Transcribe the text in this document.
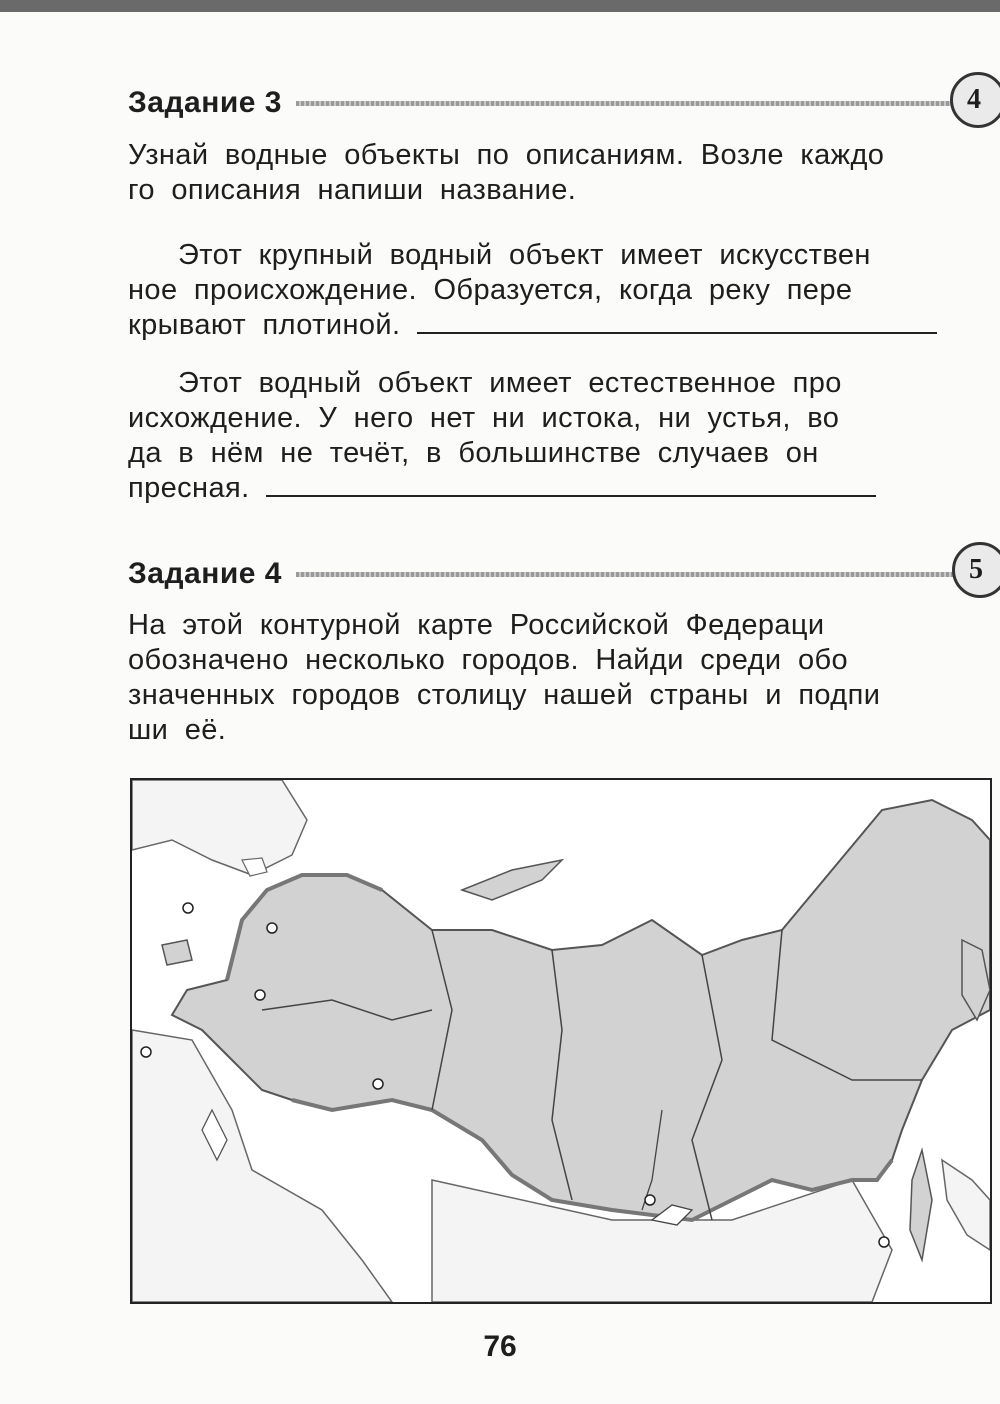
Задание 3	4

Узнай водные объекты по описаниям. Возле каждо

го описания напиши название.

Этот крупный водный объект имеет искусствен

ное происхождение. Образуется, когда реку пере

крывают плотиной.

Этот водный объект имеет естественное про

исхождение. У него нет ни истока, ни устья, во

да в нём не течёт, в большинстве случаев он

пресная.

Задание 4	5

На этой контурной карте Российской Федераци

обозначено несколько городов. Найди среди обо

значенных городов столицу нашей страны и подпи

ши её.

76
